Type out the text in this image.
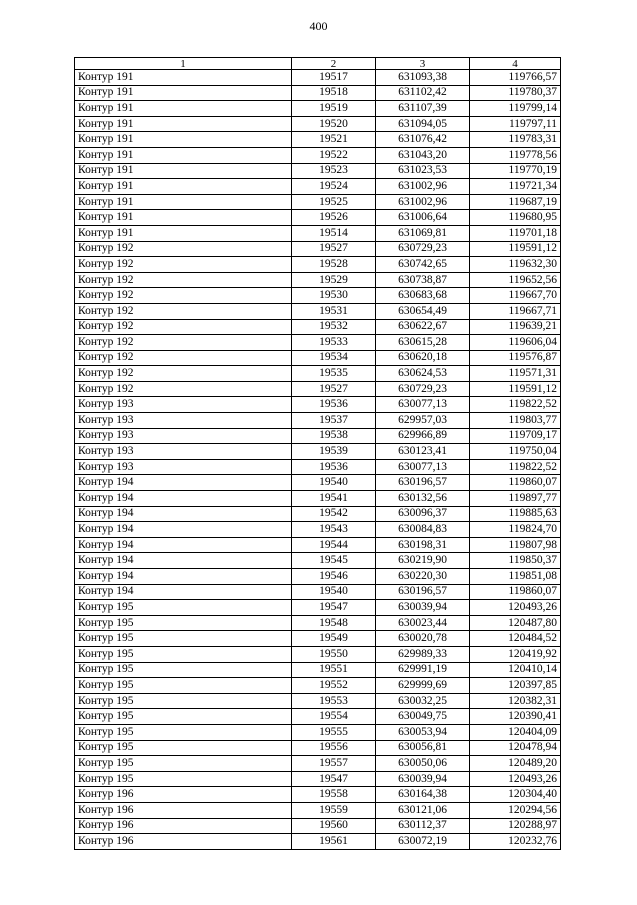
400
1	2	3	4
Контур 191	19517	631093,38	119766,57
Контур 191	19518	631102,42	119780,37
Контур 191	19519	631107,39	119799,14
Контур 191	19520	631094,05	119797,11
Контур 191	19521	631076,42	119783,31
Контур 191	19522	631043,20	119778,56
Контур 191	19523	631023,53	119770,19
Контур 191	19524	631002,96	119721,34
Контур 191	19525	631002,96	119687,19
Контур 191	19526	631006,64	119680,95
Контур 191	19514	631069,81	119701,18
Контур 192	19527	630729,23	119591,12
Контур 192	19528	630742,65	119632,30
Контур 192	19529	630738,87	119652,56
Контур 192	19530	630683,68	119667,70
Контур 192	19531	630654,49	119667,71
Контур 192	19532	630622,67	119639,21
Контур 192	19533	630615,28	119606,04
Контур 192	19534	630620,18	119576,87
Контур 192	19535	630624,53	119571,31
Контур 192	19527	630729,23	119591,12
Контур 193	19536	630077,13	119822,52
Контур 193	19537	629957,03	119803,77
Контур 193	19538	629966,89	119709,17
Контур 193	19539	630123,41	119750,04
Контур 193	19536	630077,13	119822,52
Контур 194	19540	630196,57	119860,07
Контур 194	19541	630132,56	119897,77
Контур 194	19542	630096,37	119885,63
Контур 194	19543	630084,83	119824,70
Контур 194	19544	630198,31	119807,98
Контур 194	19545	630219,90	119850,37
Контур 194	19546	630220,30	119851,08
Контур 194	19540	630196,57	119860,07
Контур 195	19547	630039,94	120493,26
Контур 195	19548	630023,44	120487,80
Контур 195	19549	630020,78	120484,52
Контур 195	19550	629989,33	120419,92
Контур 195	19551	629991,19	120410,14
Контур 195	19552	629999,69	120397,85
Контур 195	19553	630032,25	120382,31
Контур 195	19554	630049,75	120390,41
Контур 195	19555	630053,94	120404,09
Контур 195	19556	630056,81	120478,94
Контур 195	19557	630050,06	120489,20
Контур 195	19547	630039,94	120493,26
Контур 196	19558	630164,38	120304,40
Контур 196	19559	630121,06	120294,56
Контур 196	19560	630112,37	120288,97
Контур 196	19561	630072,19	120232,76
